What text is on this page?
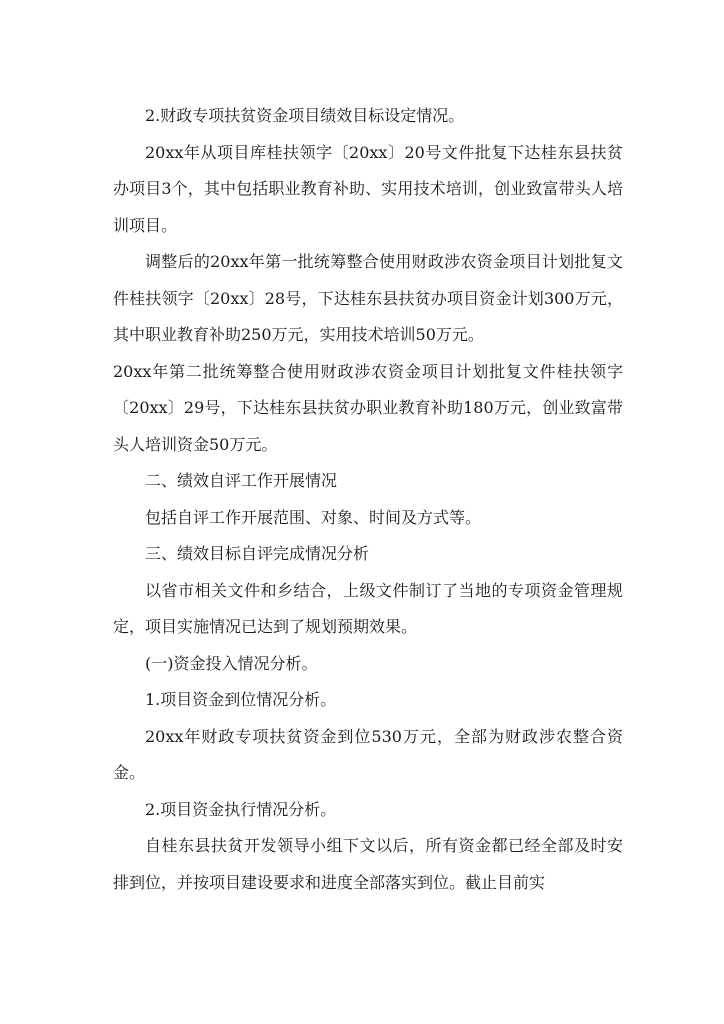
2.财政专项扶贫资金项目绩效目标设定情况。

20xx年从项目库桂扶领字〔20xx〕20号文件批复下达桂东县扶贫办项目3个，其中包括职业教育补助、实用技术培训，创业致富带头人培训项目。

调整后的20xx年第一批统筹整合使用财政涉农资金项目计划批复文件桂扶领字〔20xx〕28号，下达桂东县扶贫办项目资金计划300万元，其中职业教育补助250万元，实用技术培训50万元。

20xx年第二批统筹整合使用财政涉农资金项目计划批复文件桂扶领字〔20xx〕29号，下达桂东县扶贫办职业教育补助180万元，创业致富带头人培训资金50万元。

二、绩效自评工作开展情况

包括自评工作开展范围、对象、时间及方式等。

三、绩效目标自评完成情况分析

以省市相关文件和乡结合，上级文件制订了当地的专项资金管理规定，项目实施情况已达到了规划预期效果。

(一)资金投入情况分析。

1.项目资金到位情况分析。

20xx年财政专项扶贫资金到位530万元，全部为财政涉农整合资金。

2.项目资金执行情况分析。

自桂东县扶贫开发领导小组下文以后，所有资金都已经全部及时安排到位，并按项目建设要求和进度全部落实到位。截止目前实
